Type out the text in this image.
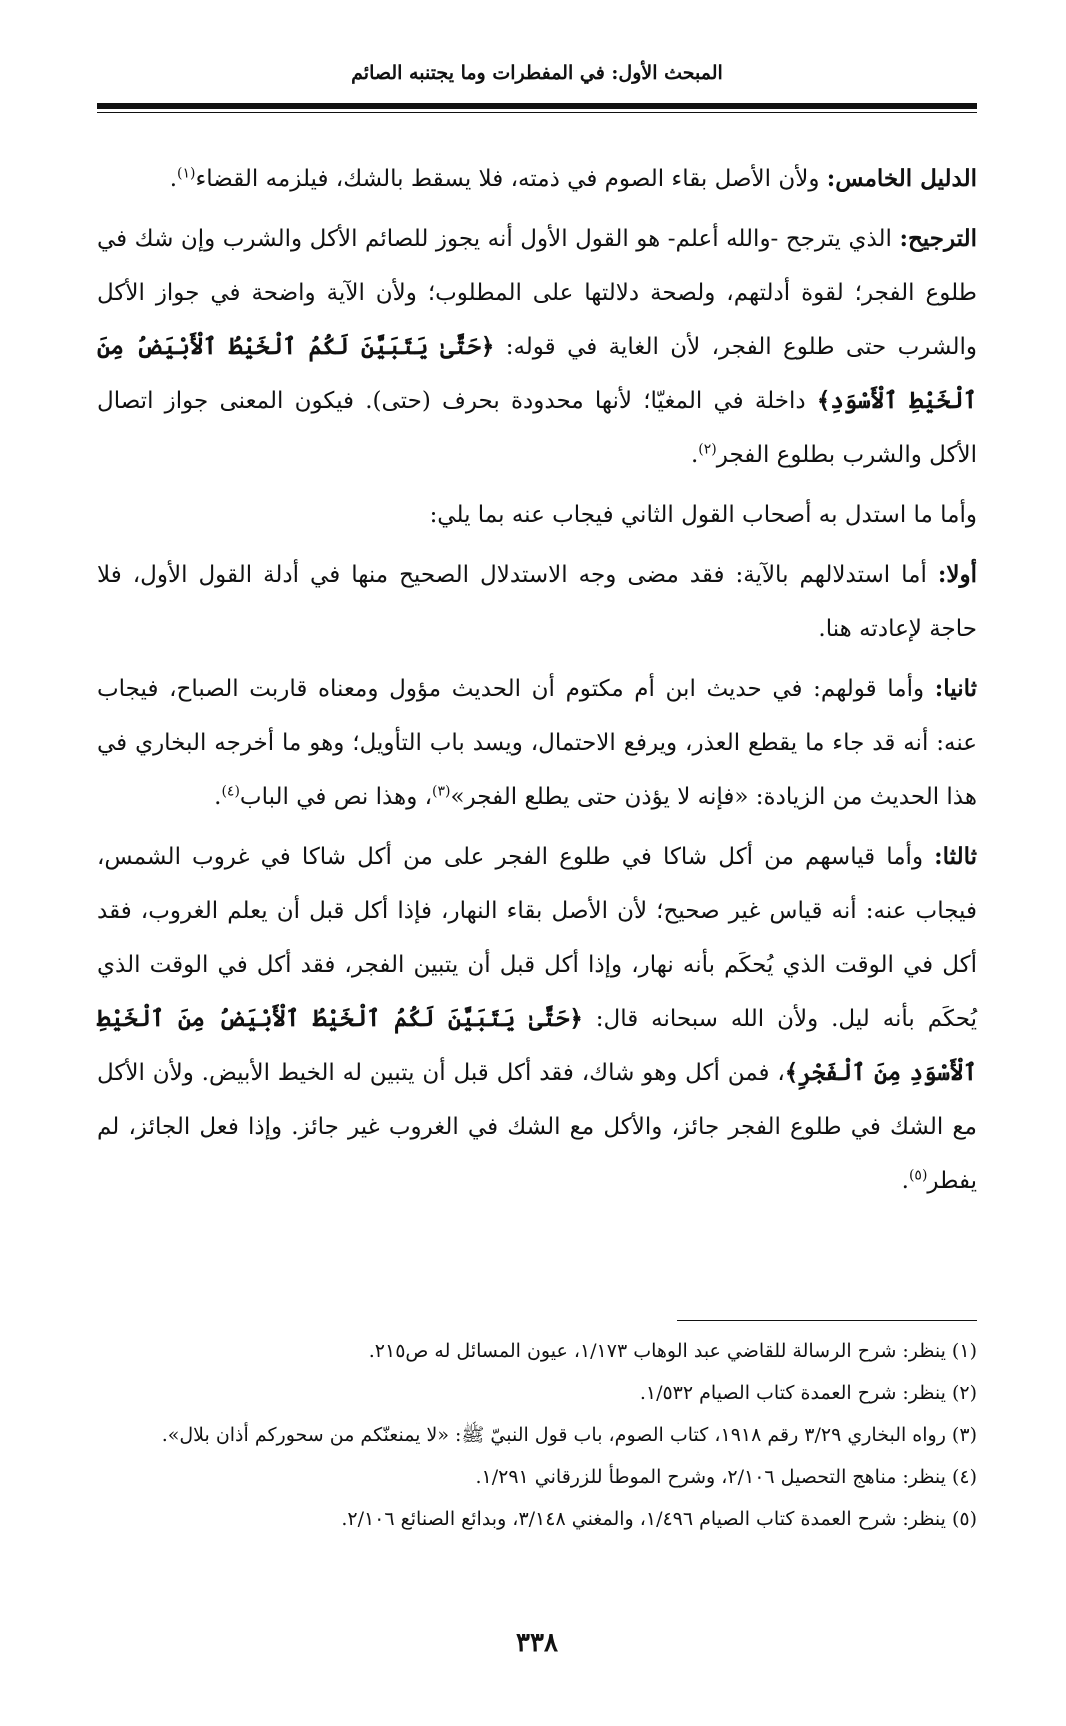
المبحث الأول: في المفطرات وما يجتنبه الصائم

الدليل الخامس: ولأن الأصل بقاء الصوم في ذمته، فلا يسقط بالشك، فيلزمه القضاء$^{(١)}$.

الترجيح: الذي يترجح -والله أعلم- هو القول الأول أنه يجوز للصائم الأكل والشرب وإن شك في طلوع الفجر؛ لقوة أدلتهم، ولصحة دلالتها على المطلوب؛ ولأن الآية واضحة في جواز الأكل والشرب حتى طلوع الفجر، لأن الغاية في قوله: ﴿حَتَّىٰ يَتَبَيَّنَ لَكُمُ ٱلْخَيْطُ ٱلْأَبْيَضُ مِنَ ٱلْخَيْطِ ٱلْأَسْوَدِ﴾ داخلة في المغيّا؛ لأنها محدودة بحرف (حتى). فيكون المعنى جواز اتصال الأكل والشرب بطلوع الفجر$^{(٢)}$.

وأما ما استدل به أصحاب القول الثاني فيجاب عنه بما يلي:

أولا: أما استدلالهم بالآية: فقد مضى وجه الاستدلال الصحيح منها في أدلة القول الأول، فلا حاجة لإعادته هنا.

ثانيا: وأما قولهم: في حديث ابن أم مكتوم أن الحديث مؤول ومعناه قاربت الصباح، فيجاب عنه: أنه قد جاء ما يقطع العذر، ويرفع الاحتمال، ويسد باب التأويل؛ وهو ما أخرجه البخاري في هذا الحديث من الزيادة: «فإنه لا يؤذن حتى يطلع الفجر»$^{(٣)}$، وهذا نص في الباب$^{(٤)}$.

ثالثا: وأما قياسهم من أكل شاكا في طلوع الفجر على من أكل شاكا في غروب الشمس، فيجاب عنه: أنه قياس غير صحيح؛ لأن الأصل بقاء النهار، فإذا أكل قبل أن يعلم الغروب، فقد أكل في الوقت الذي يُحكَم بأنه نهار، وإذا أكل قبل أن يتبين الفجر، فقد أكل في الوقت الذي يُحكَم بأنه ليل. ولأن الله سبحانه قال: ﴿حَتَّىٰ يَتَبَيَّنَ لَكُمُ ٱلْخَيْطُ ٱلْأَبْيَضُ مِنَ ٱلْخَيْطِ ٱلْأَسْوَدِ مِنَ ٱلْفَجْرِ﴾، فمن أكل وهو شاك، فقد أكل قبل أن يتبين له الخيط الأبيض. ولأن الأكل مع الشك في طلوع الفجر جائز، والأكل مع الشك في الغروب غير جائز. وإذا فعل الجائز، لم يفطر$^{(٥)}$.

(١) ينظر: شرح الرسالة للقاضي عبد الوهاب ١/١٧٣، عيون المسائل له ص٢١٥.
(٢) ينظر: شرح العمدة كتاب الصيام ١/٥٣٢.
(٣) رواه البخاري ٣/٢٩ رقم ١٩١٨، كتاب الصوم، باب قول النبيّ ﷺ: «لا يمنعنّكم من سحوركم أذان بلال».
(٤) ينظر: مناهج التحصيل ٢/١٠٦، وشرح الموطأ للزرقاني ١/٢٩١.
(٥) ينظر: شرح العمدة كتاب الصيام ١/٤٩٦، والمغني ٣/١٤٨، وبدائع الصنائع ٢/١٠٦.
٣٣٨
